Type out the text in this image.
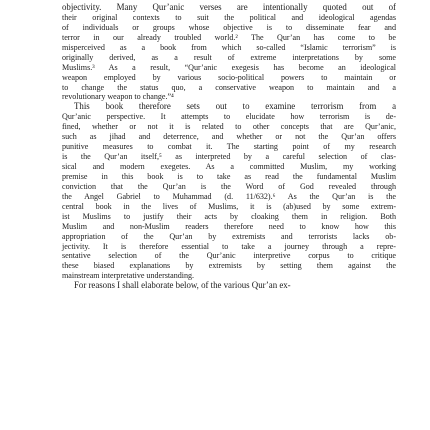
objectivity. Many Qur’anic verses are intentionally quoted out of
their original contexts to suit the political and ideological agendas
of individuals or groups whose objective is to disseminate fear and
terror in our already troubled world.² The Qur’an has come to be
misperceived as a book from which so-called “Islamic terrorism” is
originally derived, as a result of extreme interpretations by some
Muslims.³ As a result, “Qur’anic exegesis has become an ideological
weapon employed by various socio-political powers to maintain or
to change the status quo, a conservative weapon to maintain and a
revolutionary weapon to change.”⁴
This book therefore sets out to examine terrorism from a
Qur’anic perspective. It attempts to elucidate how terrorism is de-
fined, whether or not it is related to other concepts that are Qur’anic,
such as jihad and deterrence, and whether or not the Qur’an offers
punitive measures to combat it. The starting point of my research
is the Qur’an itself,⁵ as interpreted by a careful selection of clas-
sical and modern exegetes. As a committed Muslim, my working
premise in this book is to take as read the fundamental Muslim
conviction that the Qur’an is the Word of God revealed through
the Angel Gabriel to Muhammad (d. 11/632).⁶ As the Qur’an is the
central book in the lives of Muslims, it is (ab)used by some extrem-
ist Muslims to justify their acts by cloaking them in religion. Both
Muslim and non-Muslim readers therefore need to know how this
appropriation of the Qur’an by extremists and terrorists lacks ob-
jectivity. It is therefore essential to take a journey through a repre-
sentative selection of the Qur’anic interpretive corpus to critique
these biased explanations by extremists by setting them against the
mainstream interpretative understanding.
For reasons I shall elaborate below, of the various Qur’an ex-
